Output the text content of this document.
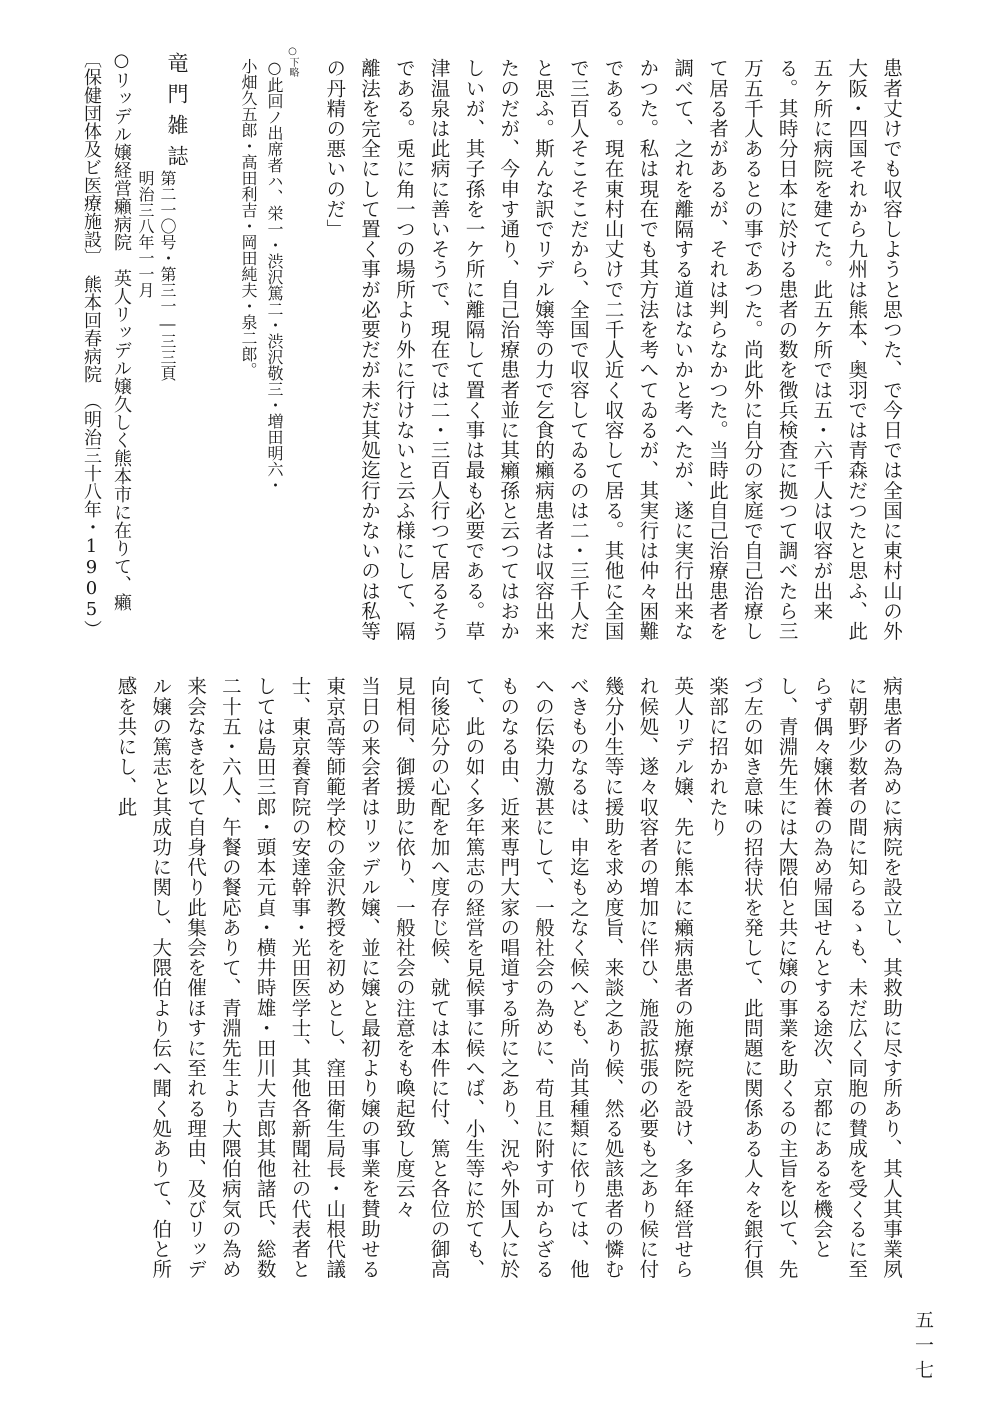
患者丈けでも収容しようと思つた、で今日では全国に東村山の外大阪・四国それから九州は熊本、奥羽では青森だつたと思ふ、此五ケ所に病院を建てた。此五ケ所では五・六千人は収容が出来る。其時分日本に於ける患者の数を徴兵検査に拠つて調べたら三万五千人あるとの事であつた。尚此外に自分の家庭で自己治療して居る者があるが、それは判らなかつた。当時此自己治療患者を調べて、之れを離隔する道はないかと考へたが、遂に実行出来なかつた。私は現在でも其方法を考へてゐるが、其実行は仲々困難である。現在東村山丈けで二千人近く収容して居る。其他に全国で三百人そこそこだから、全国で収容してゐるのは二・三千人だと思ふ。斯んな訳でリデル嬢等の力で乞食的癩病患者は収容出来たのだが、今申す通り、自己治療患者並に其癩孫と云つてはおかしいが、其子孫を一ケ所に離隔して置く事は最も必要である。草津温泉は此病に善いそうで、現在では二・三百人行つて居るそうである。兎に角一つの場所より外に行けないと云ふ様にして、隔離法を完全にして置く事が必要だが未だ其処迄行かないのは私等の丹精の悪いのだ」

○下略

○此回ノ出席者ハ、栄一・渋沢篤二・渋沢敬三・増田明六・小畑久五郎・高田利吉・岡田純夫・泉二郎。

竜門雑誌

第二一〇号・第三一―三三頁

明治三八年一一月

○リッデル嬢経営癩病院　英人リッデル嬢久しく熊本市に在りて、癩

〔保健団体及ビ医療施設〕　熊本回春病院　（明治三十八年・1905）

病患者の為めに病院を設立し、其救助に尽す所あり、其人其事業夙に朝野少数者の間に知らるゝも、未だ広く同胞の賛成を受くるに至らず偶々嬢休養の為め帰国せんとする途次、京都にあるを機会とし、青淵先生には大隈伯と共に嬢の事業を助くるの主旨を以て、先づ左の如き意味の招待状を発して、此問題に関係ある人々を銀行倶楽部に招かれたり

英人リデル嬢、先に熊本に癩病患者の施療院を設け、多年経営せられ候処、遂々収容者の増加に伴ひ、施設拡張の必要も之あり候に付幾分小生等に援助を求め度旨、来談之あり候、然る処該患者の憐むべきものなるは、申迄も之なく候へども、尚其種類に依りては、他への伝染力激甚にして、一般社会の為めに、苟且に附す可からざるものなる由、近来専門大家の唱道する所に之あり、況や外国人に於て、此の如く多年篤志の経営を見候事に候へば、小生等に於ても、向後応分の心配を加へ度存じ候、就ては本件に付、篤と各位の御高見相伺、御援助に依り、一般社会の注意をも喚起致し度云々

当日の来会者はリッデル嬢、並に嬢と最初より嬢の事業を賛助せる東京高等師範学校の金沢教授を初めとし、窪田衛生局長・山根代議士、東京養育院の安達幹事・光田医学士、其他各新聞社の代表者としては島田三郎・頭本元貞・横井時雄・田川大吉郎其他諸氏、総数二十五・六人、午餐の餐応ありて、青淵先生より大隈伯病気の為め来会なきを以て自身代り此集会を催ほすに至れる理由、及びリッデル嬢の篤志と其成功に関し、大隈伯より伝へ聞く処ありて、伯と所感を共にし、此

五一七
